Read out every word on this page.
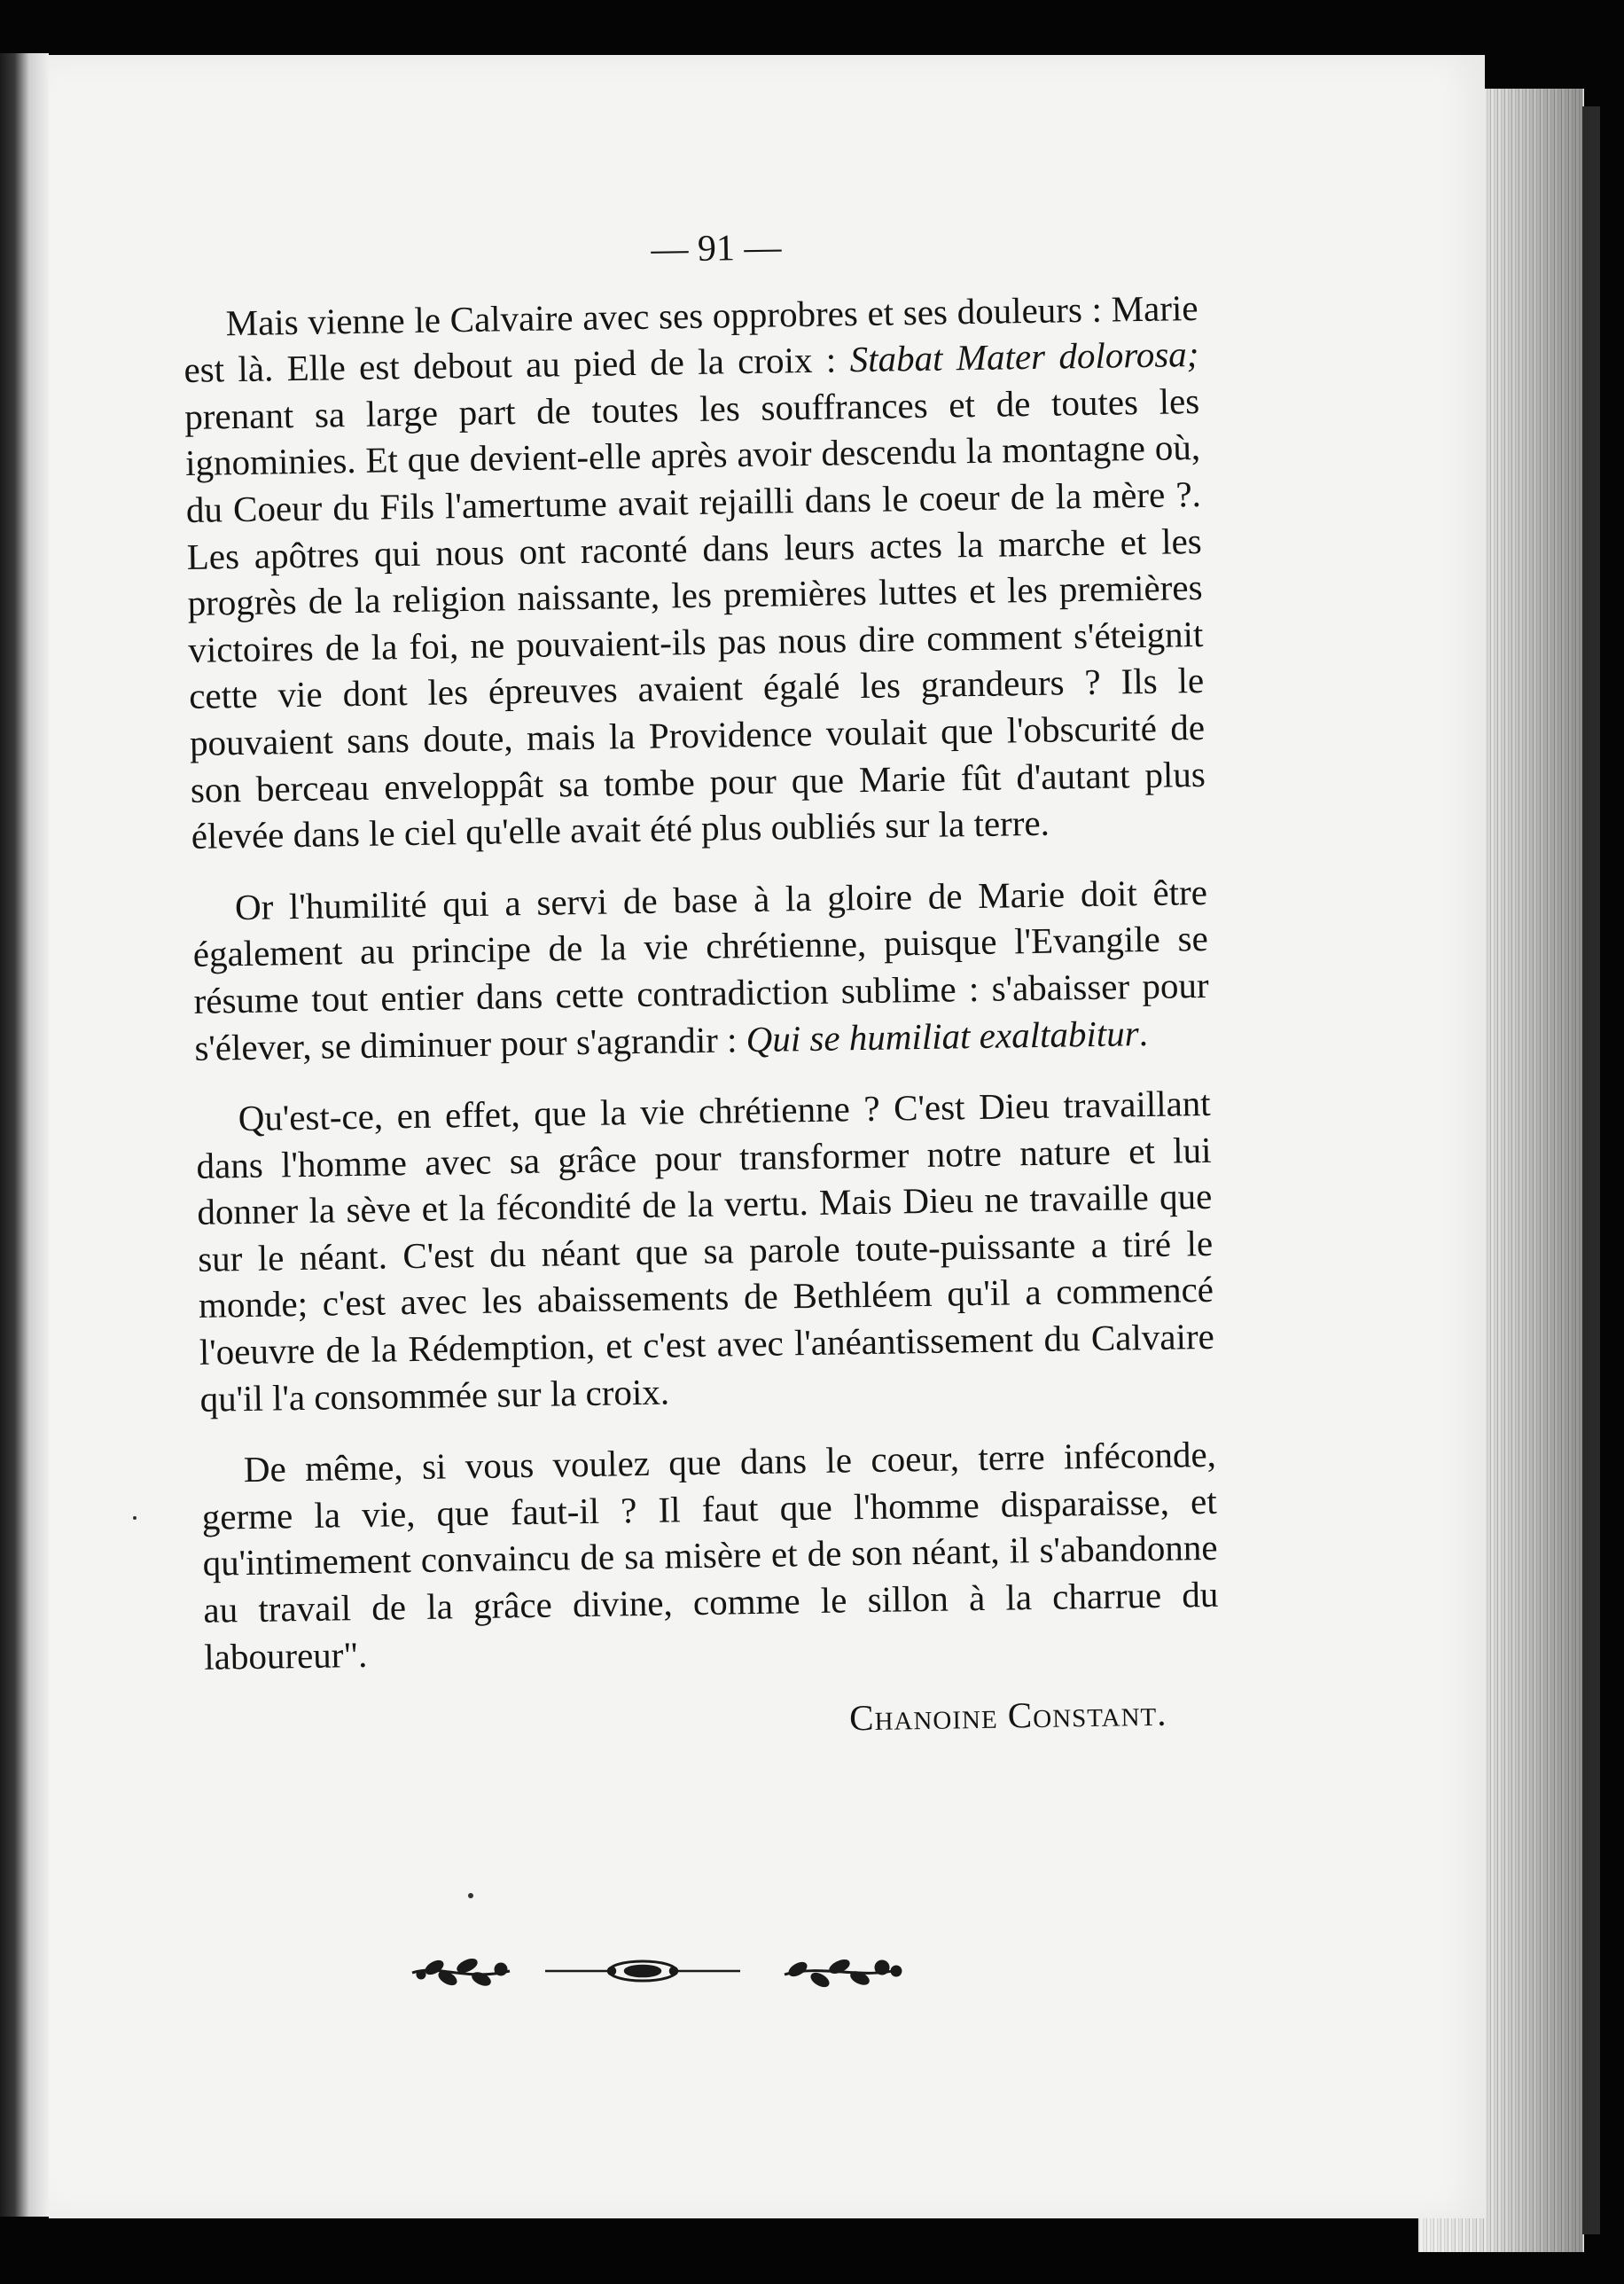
— 91 —

Mais vienne le Calvaire avec ses opprobres et ses douleurs : Marie est là. Elle est debout au pied de la croix : Stabat Mater dolorosa; prenant sa large part de toutes les souffrances et de toutes les ignominies. Et que devient-elle après avoir descendu la montagne où, du Coeur du Fils l'amertume avait rejailli dans le coeur de la mère ?. Les apôtres qui nous ont raconté dans leurs actes la marche et les progrès de la religion naissante, les premières luttes et les premières victoires de la foi, ne pouvaient-ils pas nous dire comment s'éteignit cette vie dont les épreuves avaient égalé les grandeurs ? Ils le pouvaient sans doute, mais la Providence voulait que l'obscurité de son berceau enveloppât sa tombe pour que Marie fût d'autant plus élevée dans le ciel qu'elle avait été plus oubliés sur la terre.

Or l'humilité qui a servi de base à la gloire de Marie doit être également au principe de la vie chrétienne, puisque l'Evangile se résume tout entier dans cette contradiction sublime : s'abaisser pour s'élever, se diminuer pour s'agrandir : Qui se humiliat exaltabitur.

Qu'est-ce, en effet, que la vie chrétienne ? C'est Dieu travaillant dans l'homme avec sa grâce pour transformer notre nature et lui donner la sève et la fécondité de la vertu. Mais Dieu ne travaille que sur le néant. C'est du néant que sa parole toute-puissante a tiré le monde; c'est avec les abaissements de Bethléem qu'il a commencé l'oeuvre de la Rédemption, et c'est avec l'anéantissement du Calvaire qu'il l'a consommée sur la croix.

De même, si vous voulez que dans le coeur, terre inféconde, germe la vie, que faut-il ? Il faut que l'homme disparaisse, et qu'intimement convaincu de sa misère et de son néant, il s'abandonne au travail de la grâce divine, comme le sillon à la charrue du laboureur".

Chanoine Constant.
